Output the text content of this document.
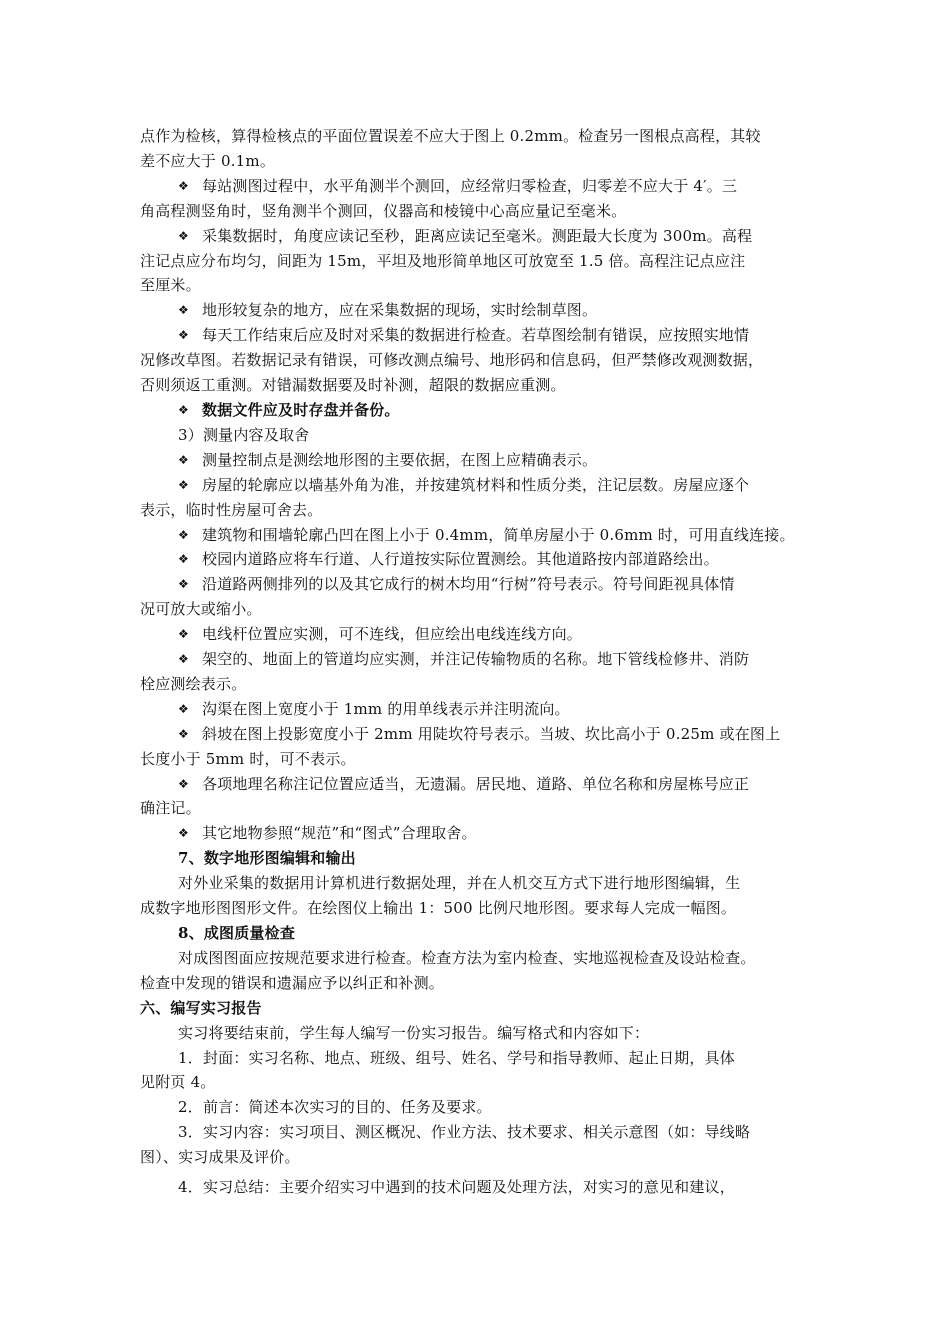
点作为检核，算得检核点的平面位置误差不应大于图上 0.2mm。检查另一图根点高程，其较
差不应大于 0.1m。
❖ 每站测图过程中，水平角测半个测回，应经常归零检查，归零差不应大于 4′。三
角高程测竖角时，竖角测半个测回，仪器高和棱镜中心高应量记至毫米。
❖ 采集数据时，角度应读记至秒，距离应读记至毫米。测距最大长度为 300m。高程
注记点应分布均匀，间距为 15m，平坦及地形简单地区可放宽至 1.5 倍。高程注记点应注
至厘米。
❖ 地形较复杂的地方，应在采集数据的现场，实时绘制草图。
❖ 每天工作结束后应及时对采集的数据进行检查。若草图绘制有错误，应按照实地情
况修改草图。若数据记录有错误，可修改测点编号、地形码和信息码，但严禁修改观测数据，
否则须返工重测。对错漏数据要及时补测，超限的数据应重测。
❖ 数据文件应及时存盘并备份。
3）测量内容及取舍
❖ 测量控制点是测绘地形图的主要依据，在图上应精确表示。
❖ 房屋的轮廓应以墙基外角为准，并按建筑材料和性质分类，注记层数。房屋应逐个
表示，临时性房屋可舍去。
❖ 建筑物和围墙轮廓凸凹在图上小于 0.4mm，简单房屋小于 0.6mm 时，可用直线连接。
❖ 校园内道路应将车行道、人行道按实际位置测绘。其他道路按内部道路绘出。
❖ 沿道路两侧排列的以及其它成行的树木均用“行树”符号表示。符号间距视具体情
况可放大或缩小。
❖ 电线杆位置应实测，可不连线，但应绘出电线连线方向。
❖ 架空的、地面上的管道均应实测，并注记传输物质的名称。地下管线检修井、消防
栓应测绘表示。
❖ 沟渠在图上宽度小于 1mm 的用单线表示并注明流向。
❖ 斜坡在图上投影宽度小于 2mm 用陡坎符号表示。当坡、坎比高小于 0.25m 或在图上
长度小于 5mm 时，可不表示。
❖ 各项地理名称注记位置应适当，无遗漏。居民地、道路、单位名称和房屋栋号应正
确注记。
❖ 其它地物参照“规范”和“图式”合理取舍。
7、数字地形图编辑和输出
对外业采集的数据用计算机进行数据处理，并在人机交互方式下进行地形图编辑，生
成数字地形图图形文件。在绘图仪上输出 1：500 比例尺地形图。要求每人完成一幅图。
8、成图质量检查
对成图图面应按规范要求进行检查。检查方法为室内检查、实地巡视检查及设站检查。
检查中发现的错误和遗漏应予以纠正和补测。
六、编写实习报告
实习将要结束前，学生每人编写一份实习报告。编写格式和内容如下：
1．封面：实习名称、地点、班级、组号、姓名、学号和指导教师、起止日期，具体
见附页 4。
2．前言：简述本次实习的目的、任务及要求。
3．实习内容：实习项目、测区概况、作业方法、技术要求、相关示意图（如：导线略
图）、实习成果及评价。
4．实习总结：主要介绍实习中遇到的技术问题及处理方法，对实习的意见和建议，
